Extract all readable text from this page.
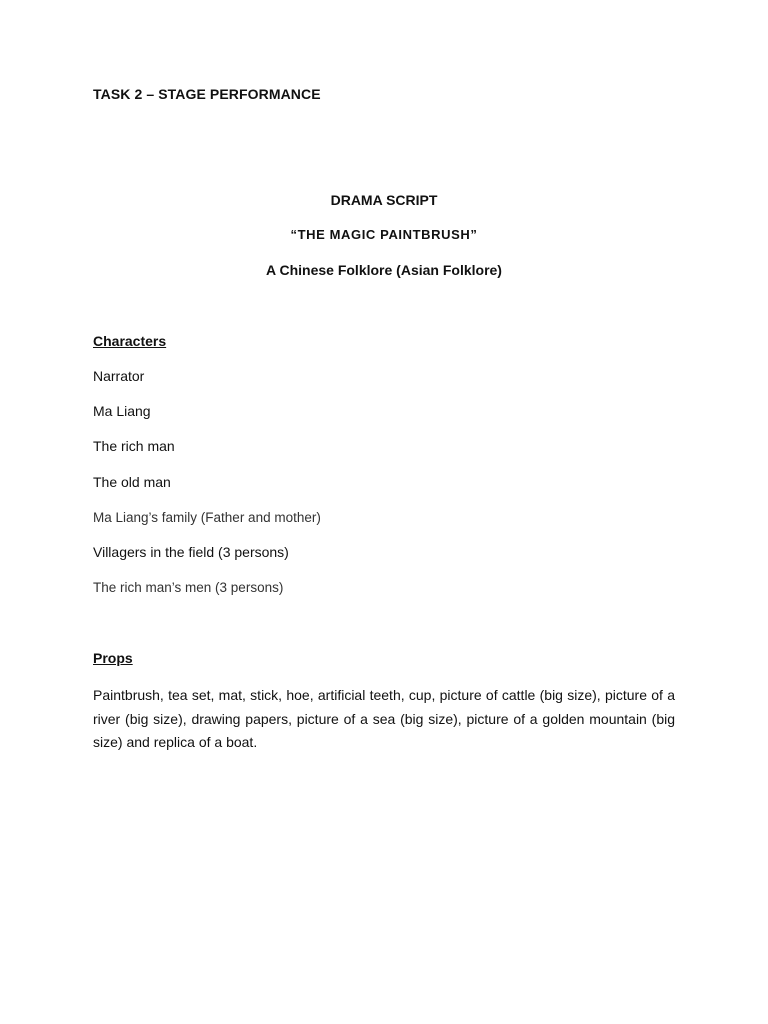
TASK 2 – STAGE PERFORMANCE
DRAMA SCRIPT
“THE MAGIC PAINTBRUSH”
A Chinese Folklore (Asian Folklore)
Characters
Narrator
Ma Liang
The rich man
The old man
Ma Liang’s family (Father and mother)
Villagers in the field (3 persons)
The rich man’s men (3 persons)
Props

Paintbrush, tea set, mat, stick, hoe, artificial teeth, cup, picture of cattle (big size), picture of a river (big size), drawing papers, picture of a sea (big size), picture of a golden mountain (big size) and replica of a boat.
